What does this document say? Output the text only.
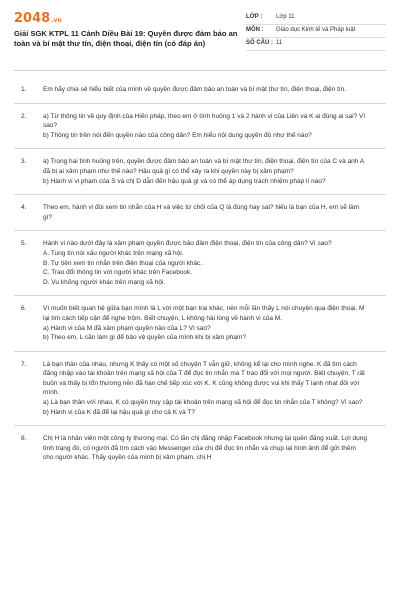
2048.vn
Giải SGK KTPL 11 Cánh Diều Bài 19: Quyền được đảm bảo an toàn và bí mật thư tín, điện thoại, điện tín (có đáp án)
LỚP :	Lớp 11
MÔN :	Giáo dục Kinh tế và Pháp luật
SỐ CÂU : 11
1.	Em hãy chia sẻ hiểu biết của mình về quyền được đảm bảo an toàn và bí mật thư tín, điện thoại, điện tín.
2.	a) Từ thông tin về quy định của Hiến pháp, theo em ở tình huống 1 và 2 hành vi của Liên và K ai đúng ai sai? Vì sao?
b) Thông tin trên nói đến quyền nào của công dân? Em hiểu nội dung quyền đó như thế nào?
3.	a) Trong hai tình huống trên, quyền được đảm bảo an toàn và bí mật thư tín, điện thoại, điện tín của C và anh A đã bị ai xâm phạm như thế nào? Hậu quả gì có thể xảy ra khi quyền này bị xâm phạm?
b) Hành vi vi phạm của S và chị D dẫn đến hậu quả gì và có thể áp dụng trách nhiệm pháp lí nào?
4.	Theo em, hành vi đòi xem tin nhắn của H và việc từ chối của Q là đúng hay sai? Nếu là bạn của H, em sẽ làm gì?
5.	Hành vi nào dưới đây là xâm phạm quyền được bảo đảm điện thoại, điện tín của công dân? Vì sao?
A. Tung tin nói xấu người khác trên mạng xã hội.
B. Tự tiện xem tin nhắn trên điện thoại của người khác.
C. Trao đổi thông tin với người khác trên Facebook.
D. Vu khống người khác trên mạng xã hội.
6.	Vì muốn biết quan hệ giữa bạn mình là L với một bạn trai khác, nên mỗi lần thấy L nói chuyện qua điện thoại, M lại tìm cách tiếp cận để nghe trộm. Biết chuyện, L không hài lòng về hành vi của M.
a) Hành vi của M đã xâm phạm quyền nào của L? Vì sao?
b) Theo em, L cần làm gì để bảo vệ quyền của mình khi bị xâm phạm?
7.	Là bạn thân của nhau, nhưng K thấy có một số chuyện T vẫn giữ, không kể lại cho mình nghe. K đã tìm cách đăng nhập vào tài khoản trên mạng xã hội của T để đọc tin nhắn mà T trao đổi với mọi người. Biết chuyện, T rất buồn và thấy bị tổn thương nên đã hạn chế tiếp xúc với K. K cũng không được vui khi thấy T lạnh nhạt đối với mình.
a) Là bạn thân với nhau, K có quyền truy cập tài khoản trên mạng xã hội để đọc tin nhắn của T không? Vì sao?
b) Hành vi của K đã để lại hậu quả gì cho cả K và T?
8.	Chị H là nhân viên một công ty thương mại. Có lần chị đăng nhập Facebook nhưng lại quên đăng xuất. Lợi dụng tình trạng đó, có người đã tìm cách vào Messenger của chị để đọc tin nhắn và chụp lại hình ảnh để gửi thêm cho người khác. Thấy quyền của mình bị xâm phạm, chị H
